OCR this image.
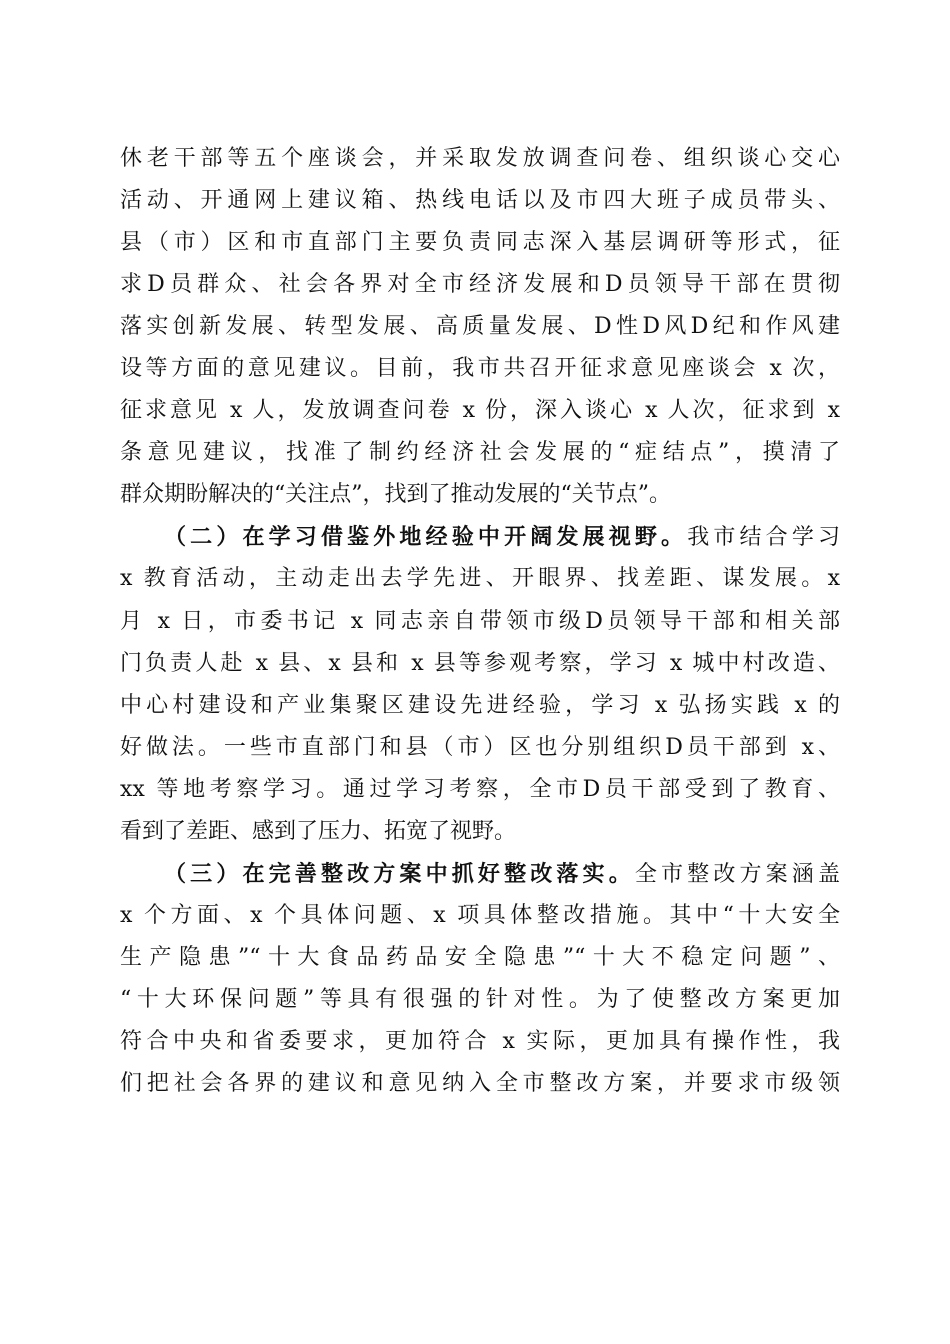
休老干部等五个座谈会，并采取发放调查问卷、组织谈心交心
活动、开通网上建议箱、热线电话以及市四大班子成员带头、
县（市）区和市直部门主要负责同志深入基层调研等形式，征
求D员群众、社会各界对全市经济发展和D员领导干部在贯彻
落实创新发展、转型发展、高质量发展、D性D风D纪和作风建
设等方面的意见建议。目前，我市共召开征求意见座谈会 x 次，
征求意见 x 人，发放调查问卷 x 份，深入谈心 x 人次，征求到 x
条意见建议，找准了制约经济社会发展的“症结点”，摸清了
群众期盼解决的“关注点”，找到了推动发展的“关节点”。
（二）在学习借鉴外地经验中开阔发展视野。我市结合学习
x 教育活动，主动走出去学先进、开眼界、找差距、谋发展。x
月 x 日，市委书记 x 同志亲自带领市级D员领导干部和相关部
门负责人赴 x 县、x 县和 x 县等参观考察，学习 x 城中村改造、
中心村建设和产业集聚区建设先进经验，学习 x 弘扬实践 x 的
好做法。一些市直部门和县（市）区也分别组织D员干部到 x、
xx 等地考察学习。通过学习考察，全市D员干部受到了教育、
看到了差距、感到了压力、拓宽了视野。
（三）在完善整改方案中抓好整改落实。全市整改方案涵盖
x 个方面、x 个具体问题、x 项具体整改措施。其中“十大安全
生产隐患”“十大食品药品安全隐患”“十大不稳定问题”、
“十大环保问题”等具有很强的针对性。为了使整改方案更加
符合中央和省委要求，更加符合 x 实际，更加具有操作性，我
们把社会各界的建议和意见纳入全市整改方案，并要求市级领
